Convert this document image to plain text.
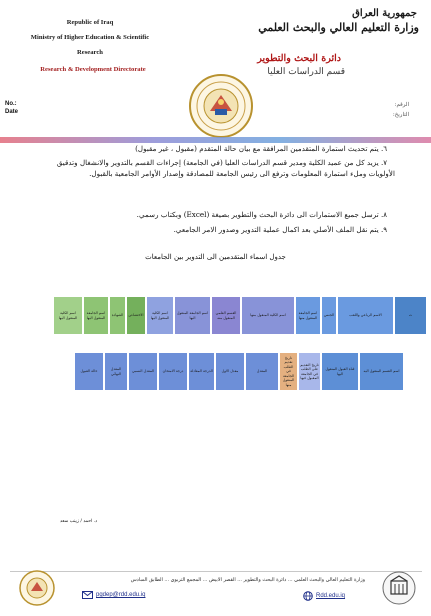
Republic of Iraq
Ministry of Higher Education & Scientific
Research
Research & Development Directorate
جمهورية العراق
وزارة التعليم العالي والبحث العلمي
دائرة البحث والتطوير
قسم الدراسات العليا
No.:
Date
الرقم:
التاريخ:
٦. يتم تحديث استمارة المتقدمين المرافقة مع بيان حالة المتقدم (مقبول ، غير مقبول)
٧. يزيد كل من عميد الكلية ومدير قسم الدراسات العليا (في الجامعة) إجراءات القسم بالتدوير والانشغال وتدقيق الأولويات وملء استمارة المعلومات وترفع الى رئيس الجامعة للمصادقة وإصدار الأوامر الجامعية بالقبول.
٨. ترسل جميع الاستمارات الى دائرة البحث والتطوير بصيغة (Excel) وبكتاب رسمي.
٩. يتم نقل الملف الأصلي بعد اكمال عملية التدوير وصدور الامر الجامعي.
جدول اسماء المتقدمين الى التدوير بين الجامعات
ت
الاسم الرباعي واللقب
الجنس
اسم الجامعة المنقول منها
اسم الكلية المنقول منها
القسم العلمي المنقول منه
اسم الجامعة المنقول اليها
اسم الكلية المنقول اليها
الاختصاص
الشهادة
اسم الجامعة المنقول اليها
اسم الكلية المنقول اليها
اسم القسم المنقول اليه
قناة القبول المنقول اليها
تاريخ التقديم على الطلب في الجامعة المقبول فيها
تاريخ تقديم الطلب في الجامعة المنقول منها
المعدل
معدل الاول
الدرجة المعادلة
درجة الامتحان
المعدل النسبي
المعدل النهائي
حالة القبول
د. احمد / زينب سعد
وزارة التعليم العالي والبحث العلمي ... دائرة البحث والتطوير ... القصر الابيض ... المجمع التربوي ... الطابق السادس
pgdep@rdd.edu.iq	Rdd.edu.iq
